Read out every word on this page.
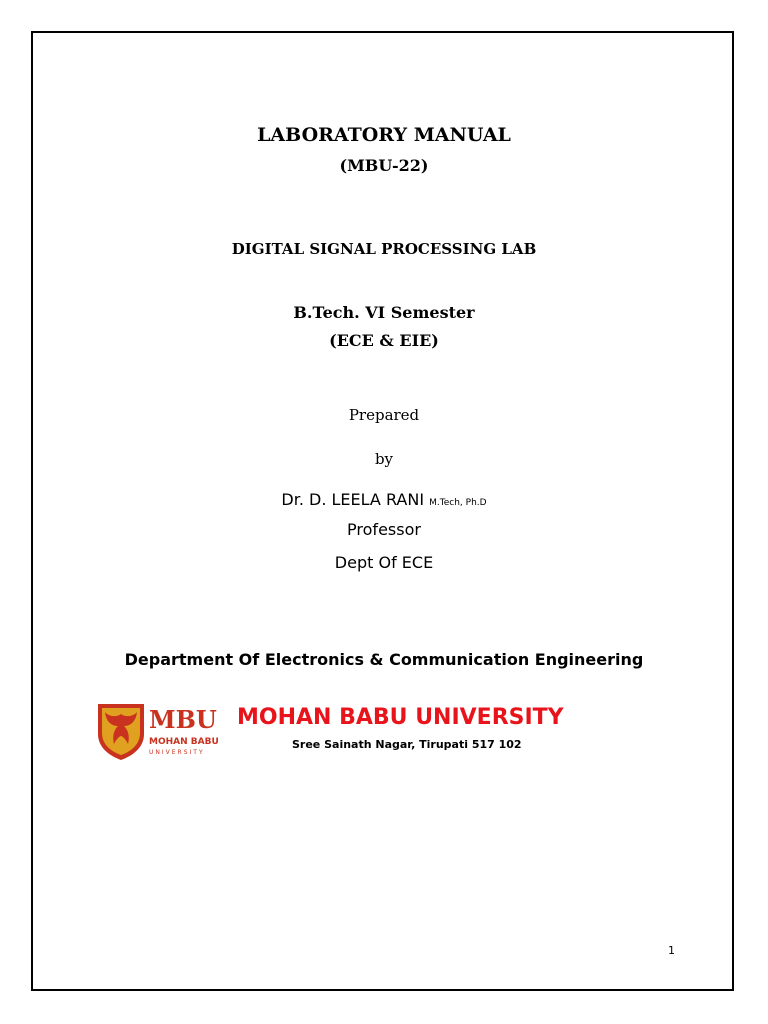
LABORATORY MANUAL
(MBU-22)
DIGITAL SIGNAL PROCESSING LAB
B.Tech. VI Semester
(ECE & EIE)
Prepared
by
Dr. D. LEELA RANI M.Tech, Ph.D
Professor
Dept Of ECE
Department Of Electronics & Communication Engineering
MBU
MOHAN BABU
UNIVERSITY
MOHAN BABU UNIVERSITY
Sree Sainath Nagar, Tirupati 517 102
1
